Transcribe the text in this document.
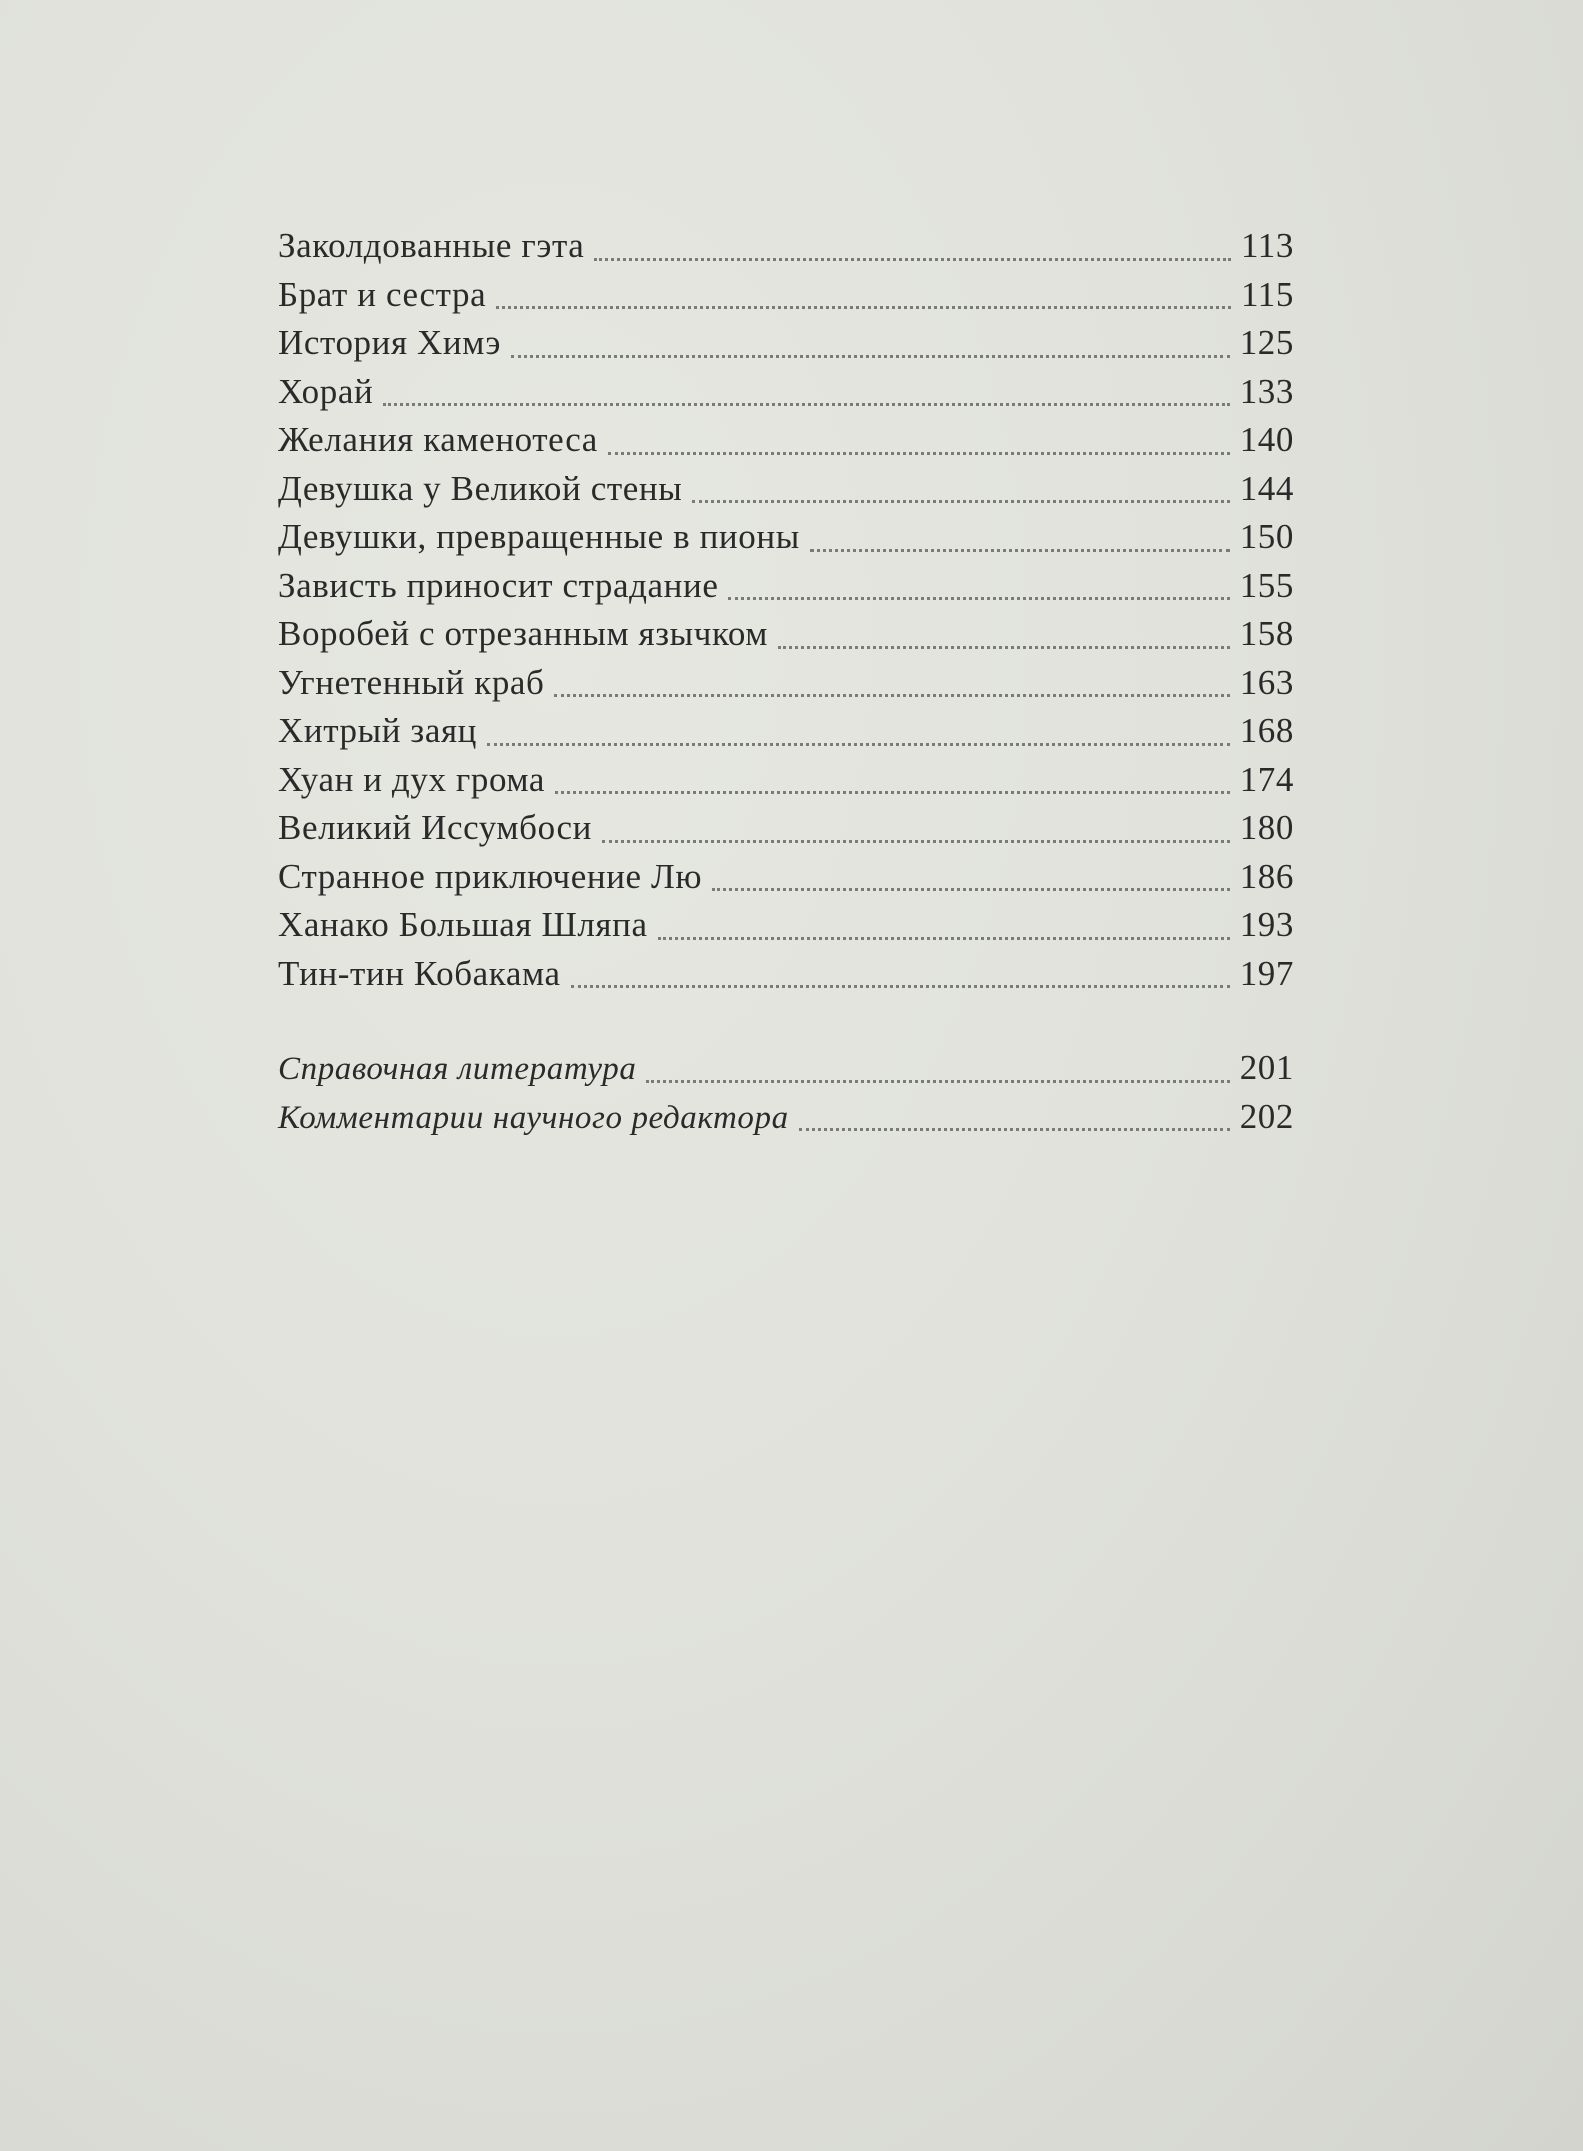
Заколдованные гэта	113
Брат и сестра	115
История Химэ	125
Хорай	133
Желания каменотеса	140
Девушка у Великой стены	144
Девушки, превращенные в пионы	150
Зависть приносит страдание	155
Воробей с отрезанным язычком	158
Угнетенный краб	163
Хитрый заяц	168
Хуан и дух грома	174
Великий Иссумбоси	180
Странное приключение Лю	186
Ханако Большая Шляпа	193
Тин-тин Кобакама	197
Справочная литература	201
Комментарии научного редактора	202
